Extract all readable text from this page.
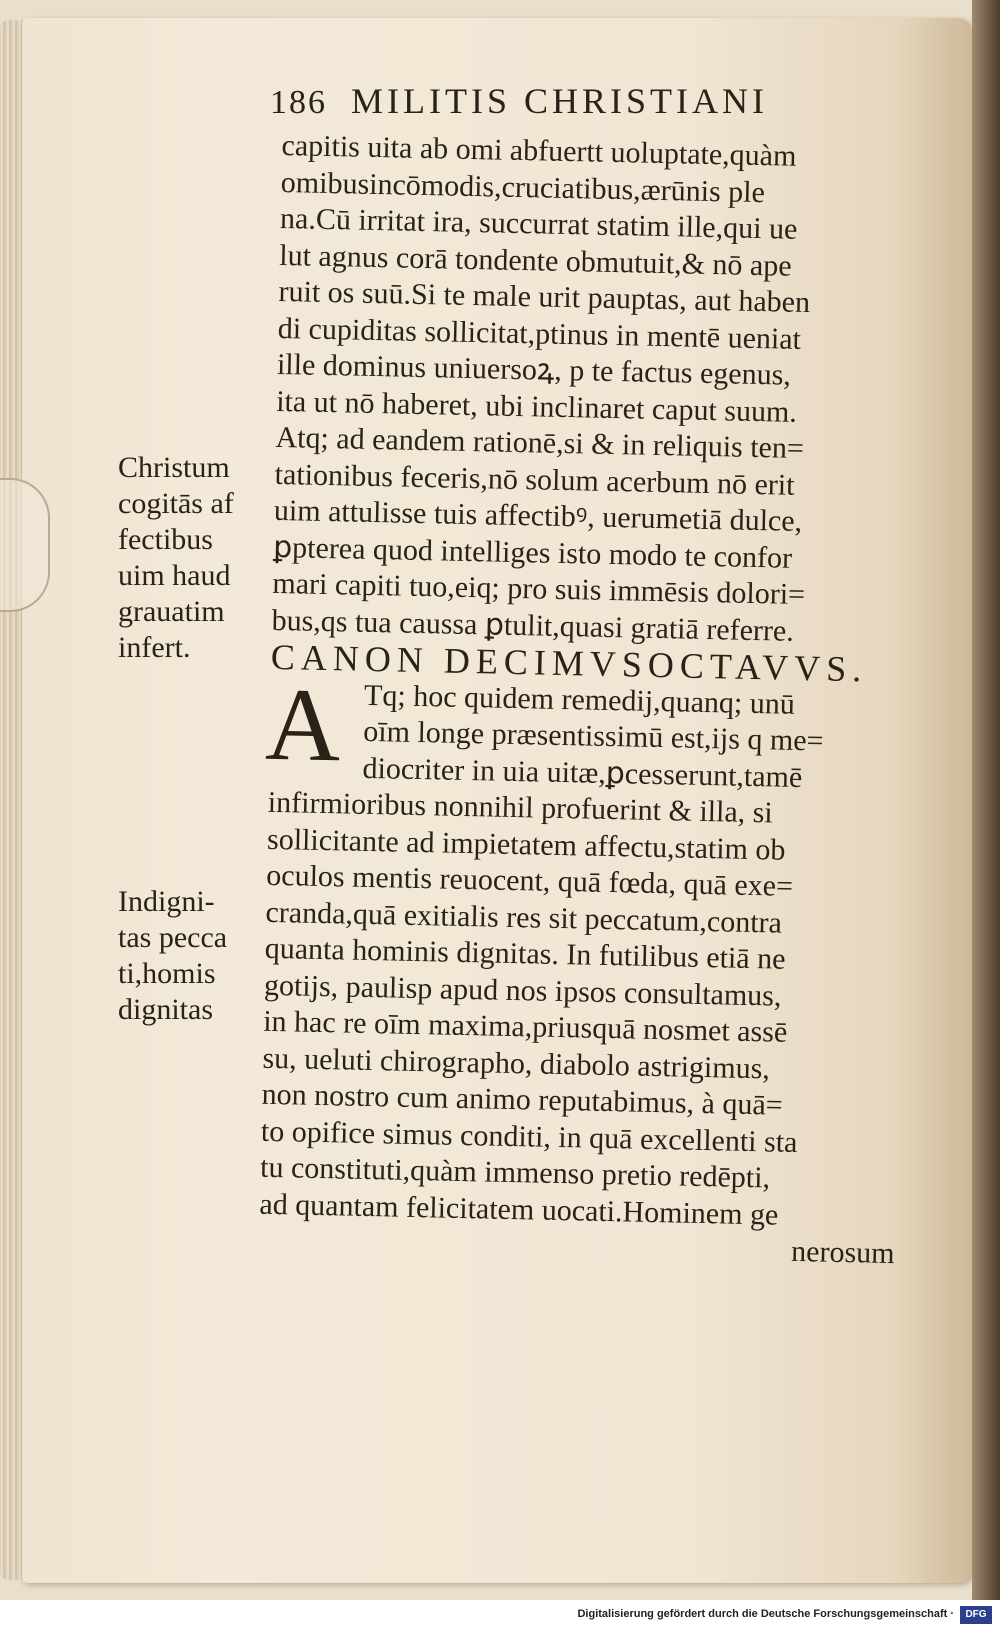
186 MILITIS CHRISTIANI
capitis uita ab omi abfuertt uoluptate,quàm
omibusincōmodis,cruciatibus,ærūnis ple
na.Cū irritat ira, succurrat statim ille,qui ue
lut agnus corā tondente obmutuit,& nō ape
ruit os suū.Si te male urit pauptas, aut haben
di cupiditas sollicitat,ptinus in mentē ueniat
ille dominus uniuersoꝝ, p te factus egenus,
ita ut nō haberet, ubi inclinaret caput suum.
Atq; ad eandem rationē,si & in reliquis ten=
tationibus feceris,nō solum acerbum nō erit
uim attulisse tuis affectibꝰ, uerumetiā dulce,
ꝑpterea quod intelliges isto modo te confor
mari capiti tuo,eiq; pro suis immēsis dolori=
bus,qs tua caussa ꝑtulit,quasi gratiā referre.
CANON DECIMVSOCTAVVS.
A Tq; hoc quidem remedij,quanq; unū
oīm longe præsentissimū est,ijs q me=
diocriter in uia uitæ,ꝑcesserunt,tamē
infirmioribus nonnihil profuerint & illa, si
sollicitante ad impietatem affectu,statim ob
oculos mentis reuocent, quā fœda, quā exe=
cranda,quā exitialis res sit peccatum,contra
quanta hominis dignitas. In futilibus etiā ne
gotijs, paulisp apud nos ipsos consultamus,
in hac re oīm maxima,priusquā nosmet assē
su, ueluti chirographo, diabolo astrigimus,
non nostro cum animo reputabimus, à quā=
to opifice simus conditi, in quā excellenti sta
tu constituti,quàm immenso pretio redēpti,
ad quantam felicitatem uocati.Hominem ge
nerosum
Christum
cogitās af
fectibus
uim haud
grauatim
infert.
Indigni-
tas pecca
ti,homis
dignitas
Digitalisierung gefördert durch die Deutsche Forschungsgemeinschaft ·	DFG
